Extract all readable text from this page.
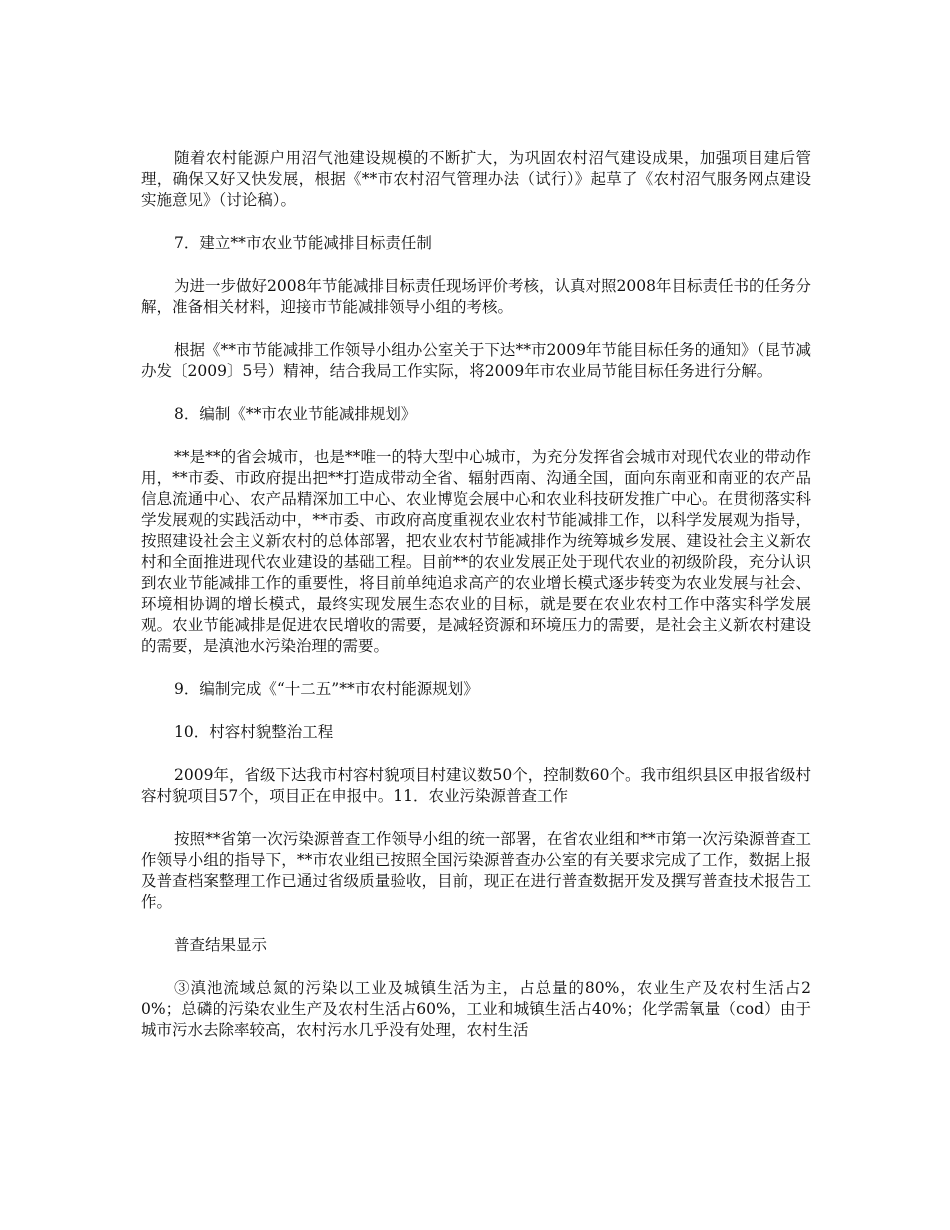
随着农村能源户用沼气池建设规模的不断扩大，为巩固农村沼气建设成果，加强项目建后管理，确保又好又快发展，根据《**市农村沼气管理办法（试行）》起草了《农村沼气服务网点建设实施意见》（讨论稿）。

7．建立**市农业节能减排目标责任制

为进一步做好2008年节能减排目标责任现场评价考核，认真对照2008年目标责任书的任务分解，准备相关材料，迎接市节能减排领导小组的考核。

根据《**市节能减排工作领导小组办公室关于下达**市2009年节能目标任务的通知》（昆节减办发〔2009〕5号）精神，结合我局工作实际，将2009年市农业局节能目标任务进行分解。

8．编制《**市农业节能减排规划》

**是**的省会城市，也是**唯一的特大型中心城市，为充分发挥省会城市对现代农业的带动作用，**市委、市政府提出把**打造成带动全省、辐射西南、沟通全国，面向东南亚和南亚的农产品信息流通中心、农产品精深加工中心、农业博览会展中心和农业科技研发推广中心。在贯彻落实科学发展观的实践活动中，**市委、市政府高度重视农业农村节能减排工作，以科学发展观为指导，按照建设社会主义新农村的总体部署，把农业农村节能减排作为统筹城乡发展、建设社会主义新农村和全面推进现代农业建设的基础工程。目前**的农业发展正处于现代农业的初级阶段，充分认识到农业节能减排工作的重要性，将目前单纯追求高产的农业增长模式逐步转变为农业发展与社会、环境相协调的增长模式，最终实现发展生态农业的目标，就是要在农业农村工作中落实科学发展观。农业节能减排是促进农民增收的需要，是减轻资源和环境压力的需要，是社会主义新农村建设的需要，是滇池水污染治理的需要。

9．编制完成《“十二五”**市农村能源规划》

10．村容村貌整治工程

2009年，省级下达我市村容村貌项目村建议数50个，控制数60个。我市组织县区申报省级村容村貌项目57个，项目正在申报中。11．农业污染源普查工作

按照**省第一次污染源普查工作领导小组的统一部署，在省农业组和**市第一次污染源普查工作领导小组的指导下，**市农业组已按照全国污染源普查办公室的有关要求完成了工作，数据上报及普查档案整理工作已通过省级质量验收，目前，现正在进行普查数据开发及撰写普查技术报告工作。

普查结果显示

③滇池流域总氮的污染以工业及城镇生活为主，占总量的80%，农业生产及农村生活占20%；总磷的污染农业生产及农村生活占60%，工业和城镇生活占40%；化学需氧量（cod）由于城市污水去除率较高，农村污水几乎没有处理，农村生活
